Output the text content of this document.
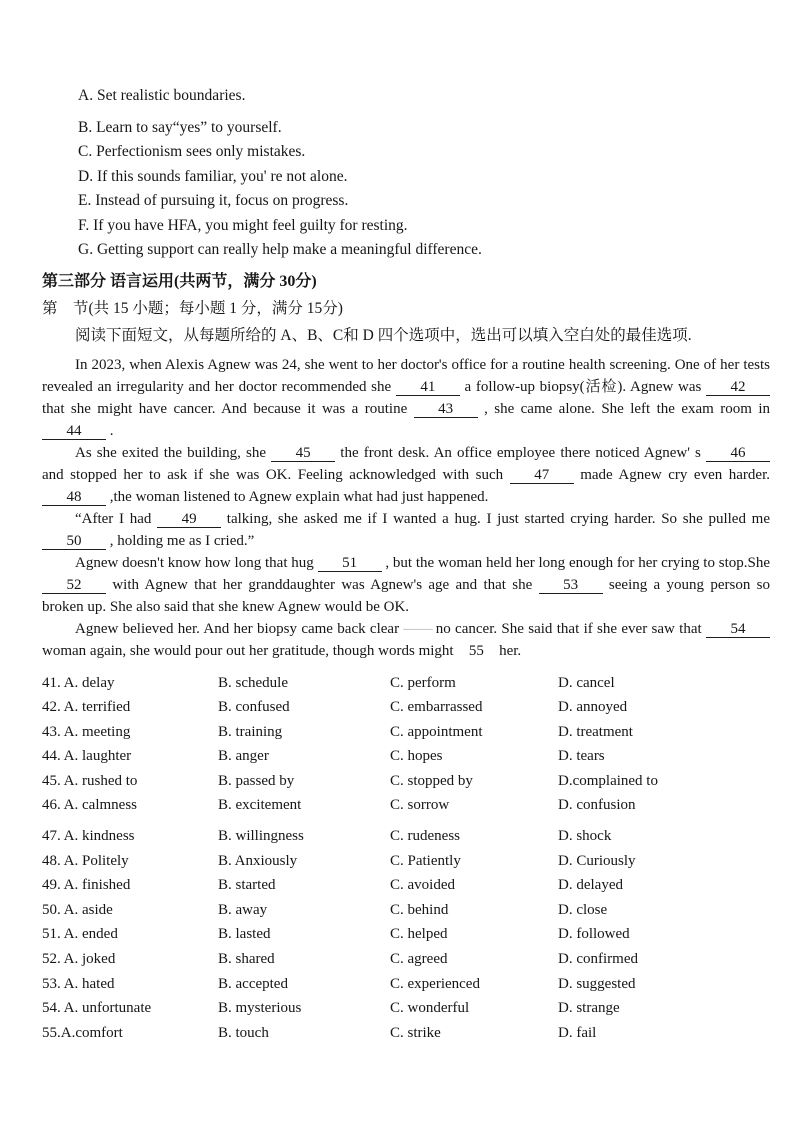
A. Set realistic boundaries.
B. Learn to say“yes” to yourself.
C. Perfectionism sees only mistakes.
D. If this sounds familiar, you' re not alone.
E. Instead of pursuing it, focus on progress.
F. If you have HFA, you might feel guilty for resting.
G. Getting support can really help make a meaningful difference.
第三部分 语言运用(共两节，满分 30分)
第　节(共 15 小题；每小题 1 分，满分 15分)
阅读下面短文，从每题所给的 A、B、C和 D 四个选项中，选出可以填入空白处的最佳选项.

In 2023, when Alexis Agnew was 24, she went to her doctor's office for a routine health screening. One of her tests revealed an irregularity and her doctor recommended she 41 a follow-up biopsy(活检). Agnew was 42 that she might have cancer. And because it was a routine 43 , she came alone. She left the exam room in 44 .

As she exited the building, she 45 the front desk. An office employee there noticed Agnew' s 46 and stopped her to ask if she was OK. Feeling acknowledged with such 47 made Agnew cry even harder. 48 ,the woman listened to Agnew explain what had just happened.

“After I had 49 talking, she asked me if I wanted a hug. I just started crying harder. So she pulled me 50 , holding me as I cried.”

Agnew doesn't know how long that hug 51 , but the woman held her long enough for her crying to stop.She 52 with Agnew that her granddaughter was Agnew's age and that she 53 seeing a young person so broken up. She also said that she knew Agnew would be OK.

Agnew believed her. And her biopsy came back clear —— no cancer. She said that if she ever saw that 54 woman again, she would pour out her gratitude, though words might 55 her.

41. A. delay	B. schedule	C. perform	D. cancel
42. A. terrified	B. confused	C. embarrassed	D. annoyed
43. A. meeting	B. training	C. appointment	D. treatment
44. A. laughter	B. anger	C. hopes	D. tears
45. A. rushed to	B. passed by	C. stopped by	D.complained to
46. A. calmness	B. excitement	C. sorrow	D. confusion
47. A. kindness	B. willingness	C. rudeness	D. shock
48. A. Politely	B. Anxiously	C. Patiently	D. Curiously
49. A. finished	B. started	C. avoided	D. delayed
50. A. aside	B. away	C. behind	D. close
51. A. ended	B. lasted	C. helped	D. followed
52. A. joked	B. shared	C. agreed	D. confirmed
53. A. hated	B. accepted	C. experienced	D. suggested
54. A. unfortunate	B. mysterious	C. wonderful	D. strange
55.A.comfort	B. touch	C. strike	D. fail
